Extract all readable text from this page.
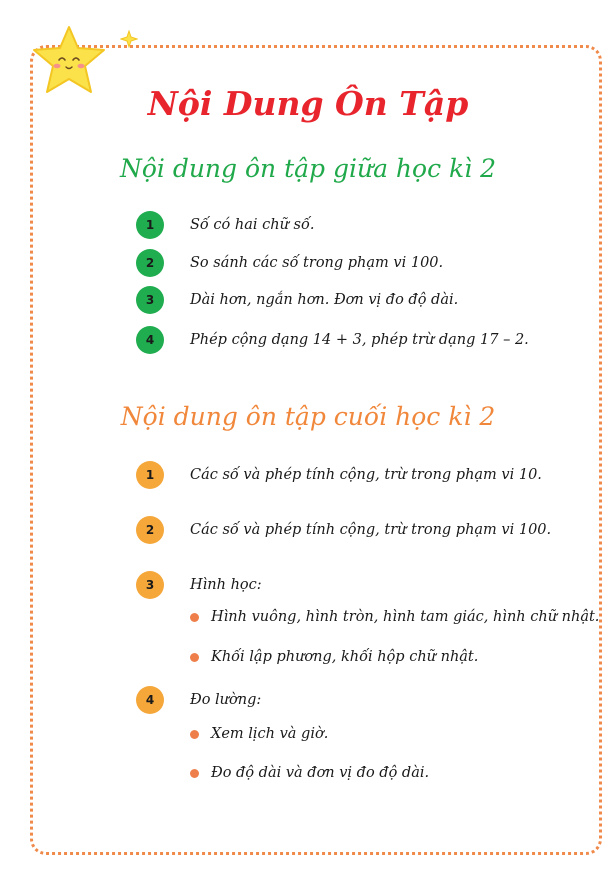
Nội Dung Ôn Tập
Nội dung ôn tập giữa học kì 2
1	Số có hai chữ số.
2	So sánh các số trong phạm vi 100.
3	Dài hơn, ngắn hơn. Đơn vị đo độ dài.
4	Phép cộng dạng 14 + 3, phép trừ dạng 17 – 2.
Nội dung ôn tập cuối học kì 2
1	Các số và phép tính cộng, trừ trong phạm vi 10.
2	Các số và phép tính cộng, trừ trong phạm vi 100.
3	Hình học:
Hình vuông, hình tròn, hình tam giác, hình chữ nhật.
Khối lập phương, khối hộp chữ nhật.
4	Đo lường:
Xem lịch và giờ.
Đo độ dài và đơn vị đo độ dài.
